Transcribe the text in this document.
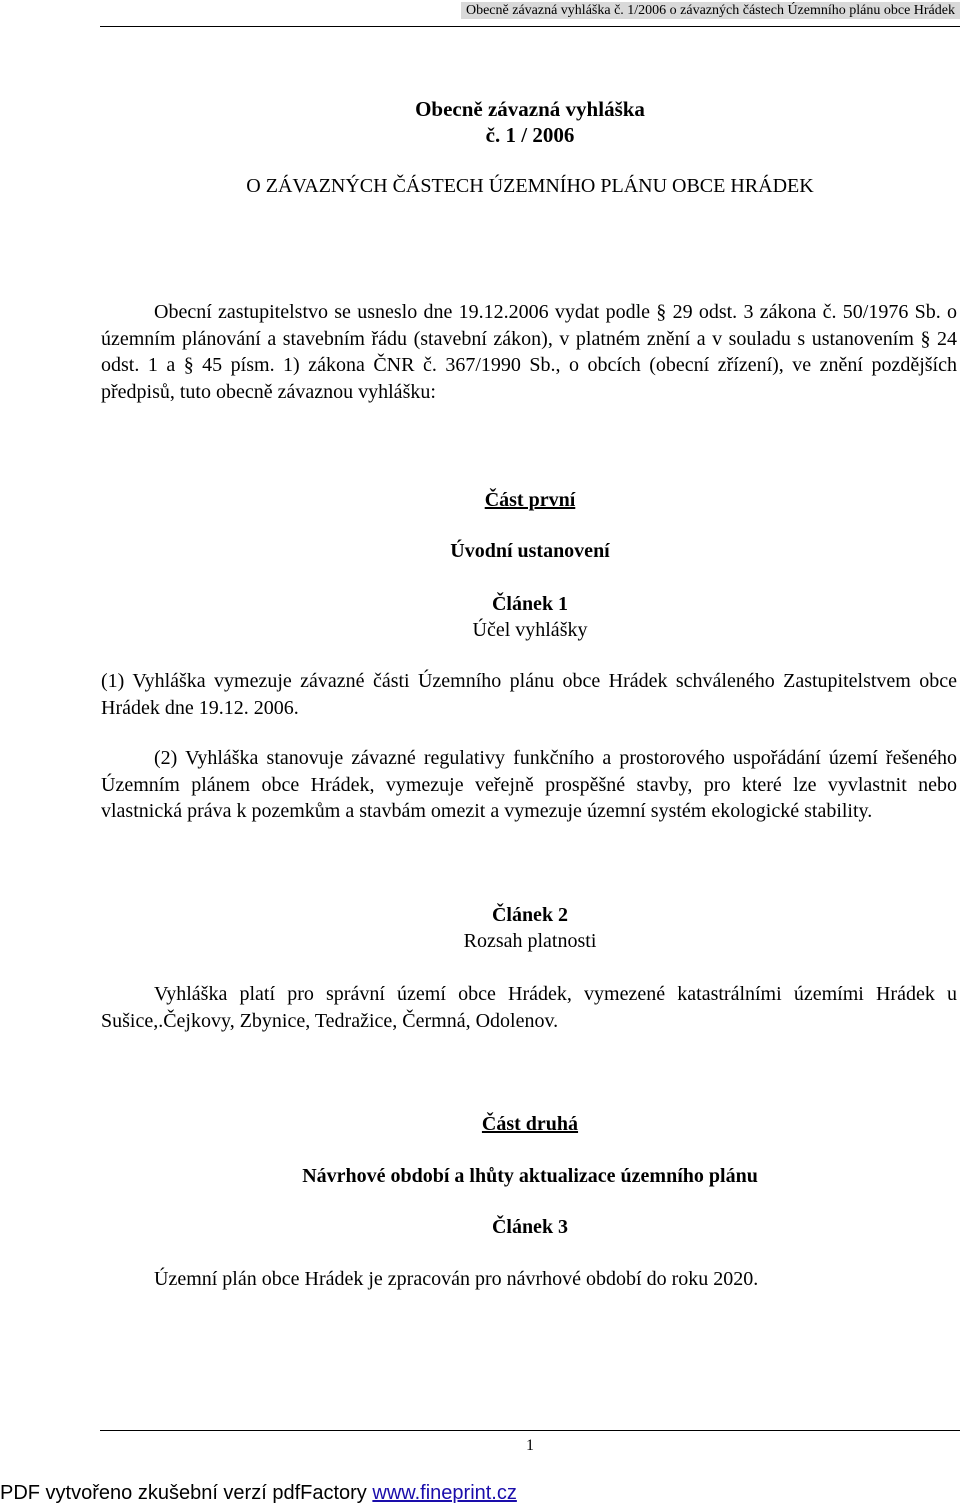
Obecně závazná vyhláška č. 1/2006 o závazných částech Územního plánu obce Hrádek
Obecně závazná vyhláška
č. 1 / 2006
O ZÁVAZNÝCH ČÁSTECH ÚZEMNÍHO PLÁNU OBCE HRÁDEK
Obecní zastupitelstvo se usneslo dne 19.12.2006 vydat podle § 29 odst. 3 zákona č. 50/1976 Sb. o územním plánování a stavebním řádu (stavební zákon), v platném znění a v souladu s ustanovením § 24 odst. 1 a § 45 písm. 1) zákona ČNR č. 367/1990 Sb., o obcích (obecní zřízení), ve znění pozdějších předpisů, tuto obecně závaznou vyhlášku:
Část první
Úvodní ustanovení
Článek 1
Účel vyhlášky
(1) Vyhláška vymezuje závazné části Územního plánu obce Hrádek schváleného Zastupitelstvem obce Hrádek dne 19.12. 2006.
(2) Vyhláška stanovuje závazné regulativy funkčního a prostorového uspořádání území řešeného Územním plánem obce Hrádek, vymezuje veřejně prospěšné stavby, pro které lze vyvlastnit nebo vlastnická práva k pozemkům a stavbám omezit a vymezuje územní systém ekologické stability.
Článek 2
Rozsah platnosti
Vyhláška platí pro správní území obce Hrádek, vymezené katastrálními územími Hrádek u Sušice,.Čejkovy, Zbynice, Tedražice, Čermná, Odolenov.
Část druhá
Návrhové období a lhůty aktualizace územního plánu
Článek 3
Územní plán obce Hrádek je zpracován pro návrhové období do roku 2020.
1
PDF vytvořeno zkušební verzí pdfFactory www.fineprint.cz
